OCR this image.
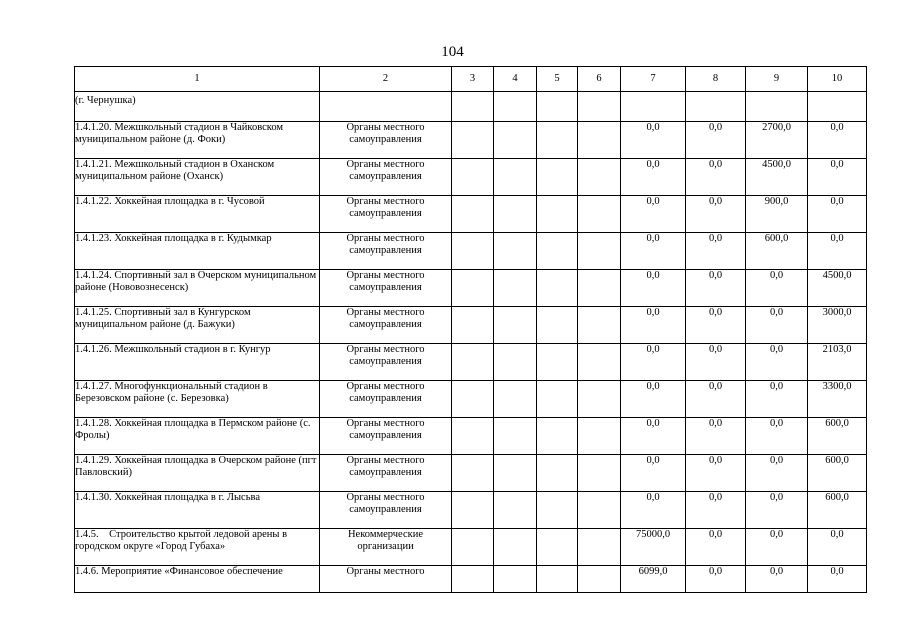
104
1	2	3	4	5	6	7	8	9	10
(г. Чернушка)									
1.4.1.20. Межшкольный стадион в Чайковском муниципальном районе (д. Фоки)	Органы местного самоуправления					0,0	0,0	2700,0	0,0
1.4.1.21. Межшкольный стадион в Оханском муниципальном районе (Оханск)	Органы местного самоуправления					0,0	0,0	4500,0	0,0
1.4.1.22. Хоккейная площадка в г. Чусовой	Органы местного самоуправления					0,0	0,0	900,0	0,0
1.4.1.23. Хоккейная площадка в г. Кудымкар	Органы местного самоуправления					0,0	0,0	600,0	0,0
1.4.1.24. Спортивный зал в Очерском муниципальном районе (Нововознесенск)	Органы местного самоуправления					0,0	0,0	0,0	4500,0
1.4.1.25. Спортивный зал в Кунгурском муниципальном районе (д. Бажуки)	Органы местного самоуправления					0,0	0,0	0,0	3000,0
1.4.1.26. Межшкольный стадион в г. Кунгур	Органы местного самоуправления					0,0	0,0	0,0	2103,0
1.4.1.27. Многофункциональный стадион в Березовском районе (с. Березовка)	Органы местного самоуправления					0,0	0,0	0,0	3300,0
1.4.1.28. Хоккейная площадка в Пермском районе (с. Фролы)	Органы местного самоуправления					0,0	0,0	0,0	600,0
1.4.1.29. Хоккейная площадка в Очерском районе (пгт Павловский)	Органы местного самоуправления					0,0	0,0	0,0	600,0
1.4.1.30. Хоккейная площадка в г. Лысьва	Органы местного самоуправления					0,0	0,0	0,0	600,0
1.4.5.    Строительство крытой ледовой арены в городском округе «Город Губаха»	Некоммерческие организации					75000,0	0,0	0,0	0,0
1.4.6. Мероприятие «Финансовое обеспечение	Органы местного					6099,0	0,0	0,0	0,0
